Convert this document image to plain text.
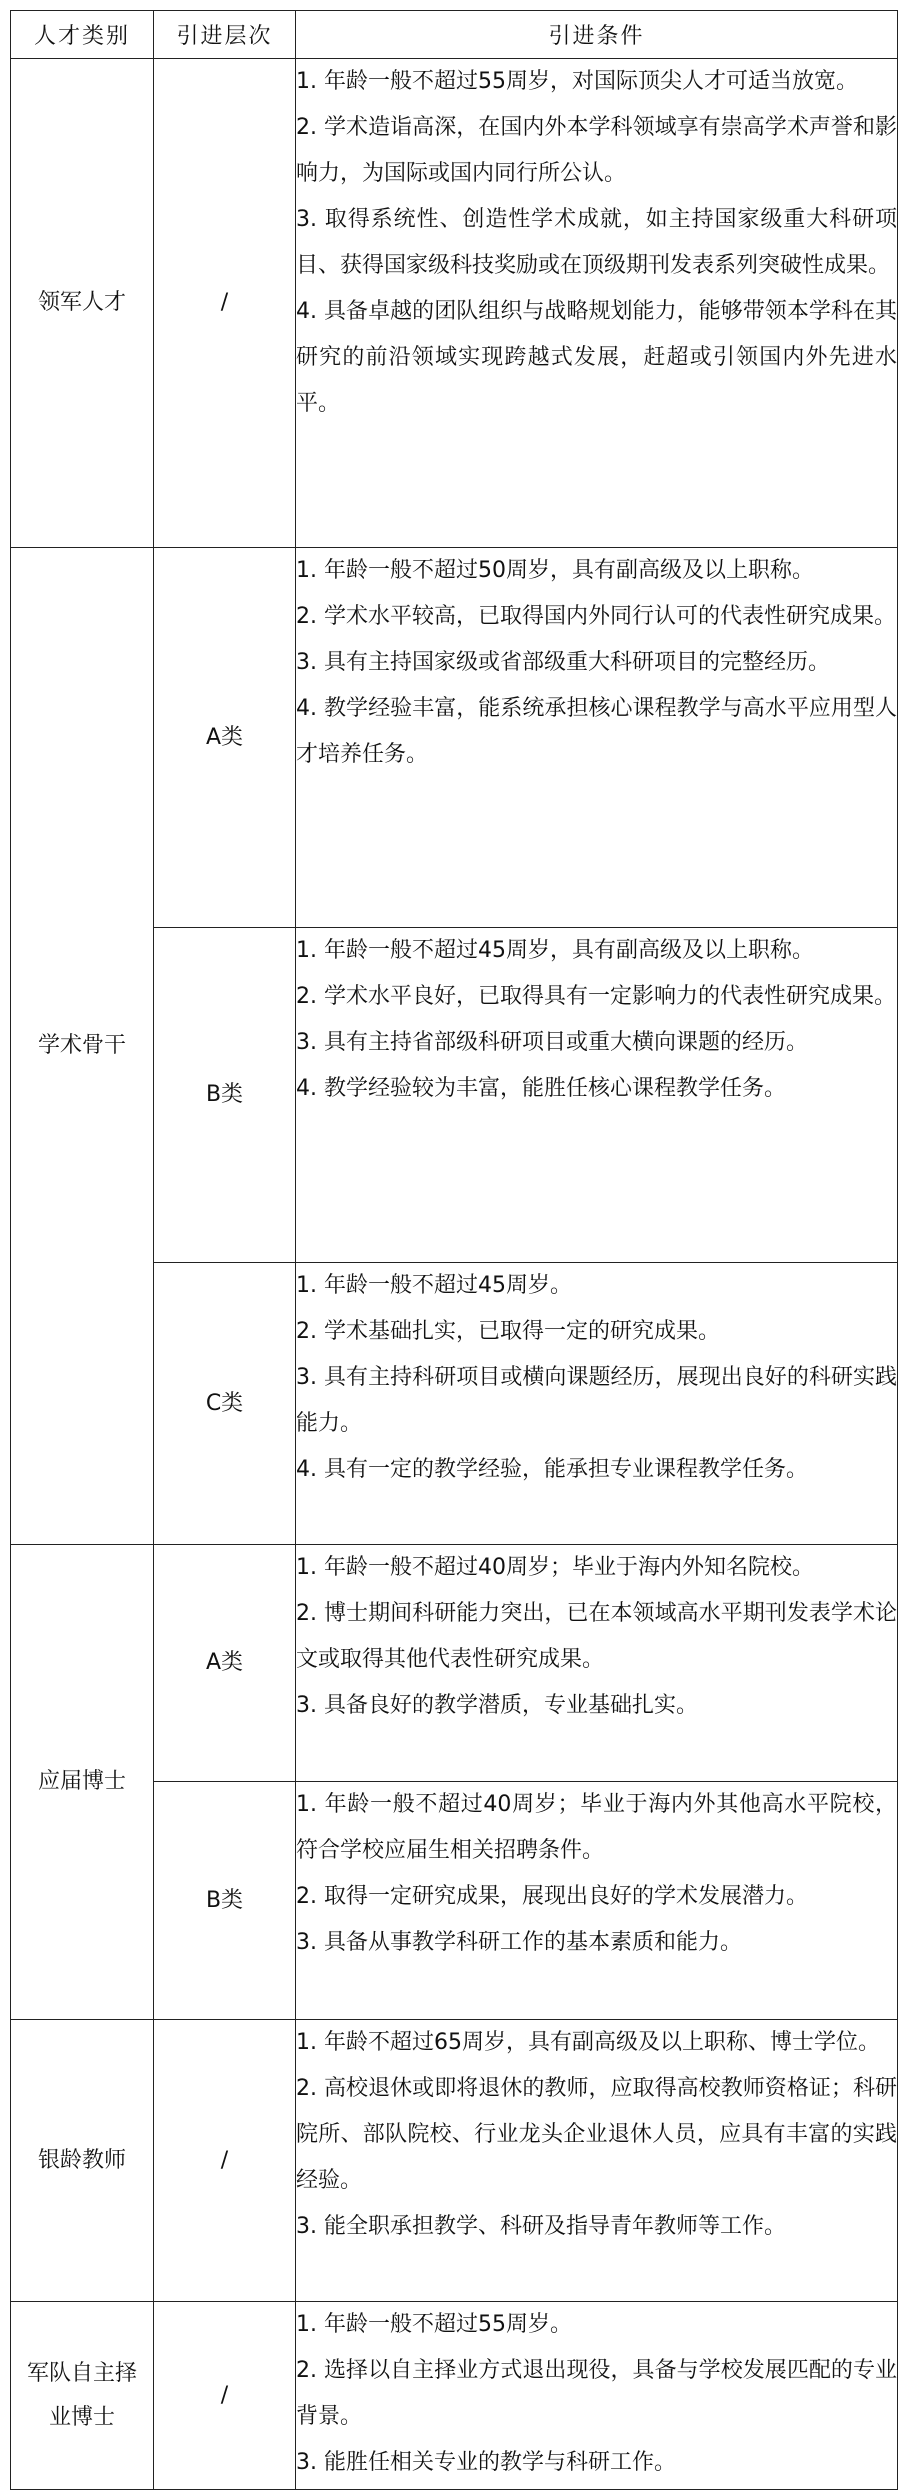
人才类别	引进层次	引进条件
领军人才	/	1. 年龄一般不超过55周岁，对国际顶尖人才可适当放宽。

2. 学术造诣高深，在国内外本学科领域享有崇高学术声誉和影响力，为国际或国内同行所公认。

3. 取得系统性、创造性学术成就，如主持国家级重大科研项目、获得国家级科技奖励或在顶级期刊发表系列突破性成果。

4. 具备卓越的团队组织与战略规划能力，能够带领本学科在其研究的前沿领域实现跨越式发展，赶超或引领国内外先进水平。

学术骨干	A类	1. 年龄一般不超过50周岁，具有副高级及以上职称。

2. 学术水平较高，已取得国内外同行认可的代表性研究成果。

3. 具有主持国家级或省部级重大科研项目的完整经历。

4. 教学经验丰富，能系统承担核心课程教学与高水平应用型人才培养任务。

	B类	1. 年龄一般不超过45周岁，具有副高级及以上职称。

2. 学术水平良好，已取得具有一定影响力的代表性研究成果。

3. 具有主持省部级科研项目或重大横向课题的经历。

4. 教学经验较为丰富，能胜任核心课程教学任务。

	C类	1. 年龄一般不超过45周岁。

2. 学术基础扎实，已取得一定的研究成果。

3. 具有主持科研项目或横向课题经历，展现出良好的科研实践能力。

4. 具有一定的教学经验，能承担专业课程教学任务。

应届博士	A类	1. 年龄一般不超过40周岁；毕业于海内外知名院校。

2. 博士期间科研能力突出，已在本领域高水平期刊发表学术论文或取得其他代表性研究成果。

3. 具备良好的教学潜质，专业基础扎实。

	B类	1. 年龄一般不超过40周岁；毕业于海内外其他高水平院校，符合学校应届生相关招聘条件。

2. 取得一定研究成果，展现出良好的学术发展潜力。

3. 具备从事教学科研工作的基本素质和能力。

银龄教师	/	1. 年龄不超过65周岁，具有副高级及以上职称、博士学位。

2. 高校退休或即将退休的教师，应取得高校教师资格证；科研院所、部队院校、行业龙头企业退休人员，应具有丰富的实践经验。

3. 能全职承担教学、科研及指导青年教师等工作。

军队自主择业博士	/	1. 年龄一般不超过55周岁。

2. 选择以自主择业方式退出现役，具备与学校发展匹配的专业背景。

3. 能胜任相关专业的教学与科研工作。
